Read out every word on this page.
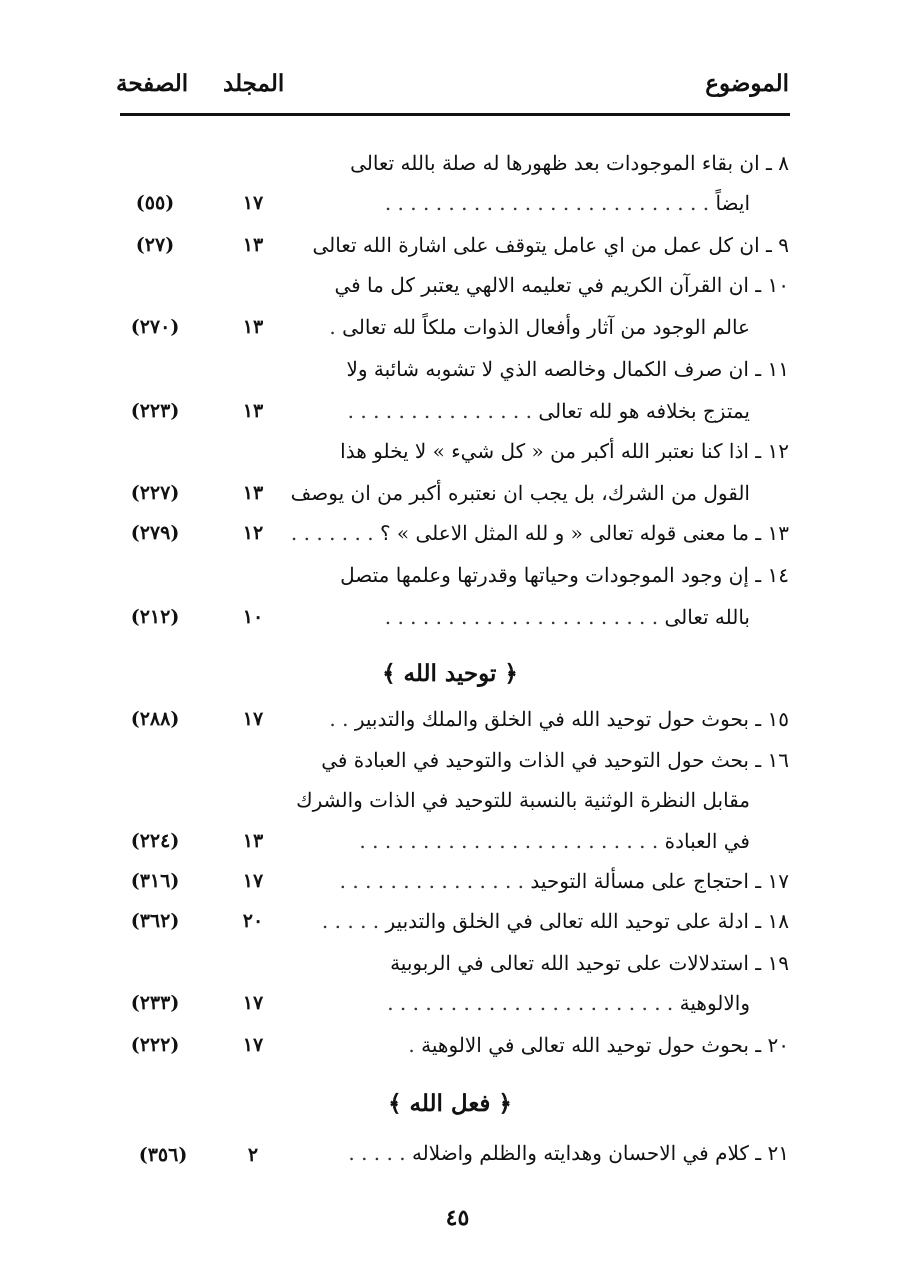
الموضوع
المجلد
الصفحة
٨ ـ ان بقاء الموجودات بعد ظهورها له صلة بالله تعالى
ايضاً . . . . . . . . . . . . . . . . . . . . . . . . . .
١٧
(٥٥)
٩ ـ ان كل عمل من اي عامل يتوقف على اشارة الله تعالى
١٣
(٢٧)
١٠ ـ ان القرآن الكريم في تعليمه الالهي يعتبر كل ما في
عالم الوجود من آثار وأفعال الذوات ملكاً لله تعالى .
١٣
(٢٧٠)
١١ ـ ان صرف الكمال وخالصه الذي لا تشوبه شائبة ولا
يمتزج بخلافه هو لله تعالى . . . . . . . . . . . . . . .
١٣
(٢٢٣)
١٢ ـ اذا كنا نعتبر الله أكبر من « كل شيء » لا يخلو هذا
القول من الشرك، بل يجب ان نعتبره أكبر من ان يوصف
١٣
(٢٢٧)
١٣ ـ ما معنى قوله تعالى « و لله المثل الاعلى » ؟ . . . . . . .
١٢
(٢٧٩)
١٤ ـ إن وجود الموجودات وحياتها وقدرتها وعلمها متصل
بالله تعالى . . . . . . . . . . . . . . . . . . . . . .
١٠
(٢١٢)
﴿ توحيد الله ﴾
١٥ ـ بحوث حول توحيد الله في الخلق والملك والتدبير . .
١٧
(٢٨٨)
١٦ ـ بحث حول التوحيد في الذات والتوحيد في العبادة في
مقابل النظرة الوثنية بالنسبة للتوحيد في الذات والشرك
في العبادة . . . . . . . . . . . . . . . . . . . . . . . .
١٣
(٢٢٤)
١٧ ـ احتجاج على مسألة التوحيد . . . . . . . . . . . . . . .
١٧
(٣١٦)
١٨ ـ ادلة على توحيد الله تعالى في الخلق والتدبير . . . . .
٢٠
(٣٦٢)
١٩ ـ استدلالات على توحيد الله تعالى في الربوبية
والالوهية . . . . . . . . . . . . . . . . . . . . . . .
١٧
(٢٣٣)
٢٠ ـ بحوث حول توحيد الله تعالى في الالوهية .
١٧
(٢٢٢)
﴿ فعل الله ﴾
٢١ ـ كلام في الاحسان وهدايته والظلم واضلاله . . . . .
٢
(٣٥٦)
٤٥
